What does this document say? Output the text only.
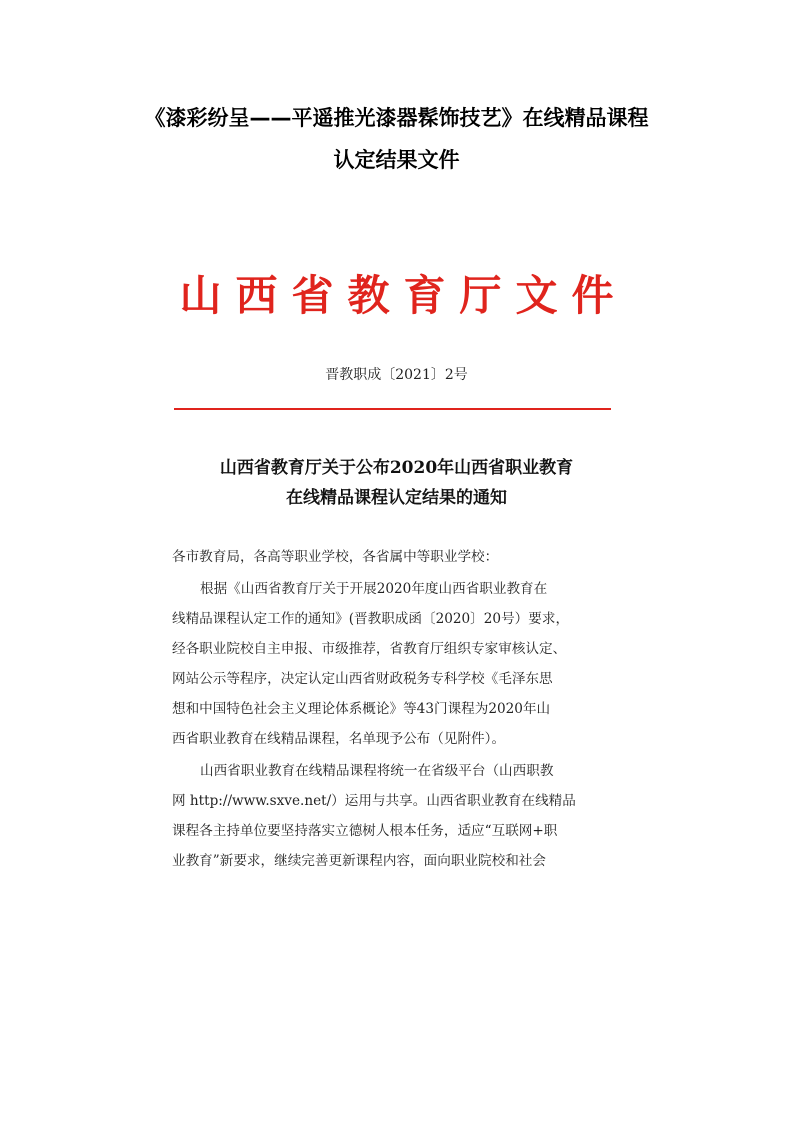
《漆彩纷呈——平遥推光漆器髹饰技艺》在线精品课程
认定结果文件
山西省教育厅文件
晋教职成〔2021〕2号
山西省教育厅关于公布2020年山西省职业教育
在线精品课程认定结果的通知
各市教育局，各高等职业学校，各省属中等职业学校：
根据《山西省教育厅关于开展2020年度山西省职业教育在
线精品课程认定工作的通知》(晋教职成函〔2020〕20号）要求，
经各职业院校自主申报、市级推荐，省教育厅组织专家审核认定、
网站公示等程序，决定认定山西省财政税务专科学校《毛泽东思
想和中国特色社会主义理论体系概论》等43门课程为2020年山
西省职业教育在线精品课程，名单现予公布（见附件）。
山西省职业教育在线精品课程将统一在省级平台（山西职教
网 http://www.sxve.net/）运用与共享。山西省职业教育在线精品
课程各主持单位要坚持落实立德树人根本任务，适应“互联网+职
业教育”新要求，继续完善更新课程内容，面向职业院校和社会
